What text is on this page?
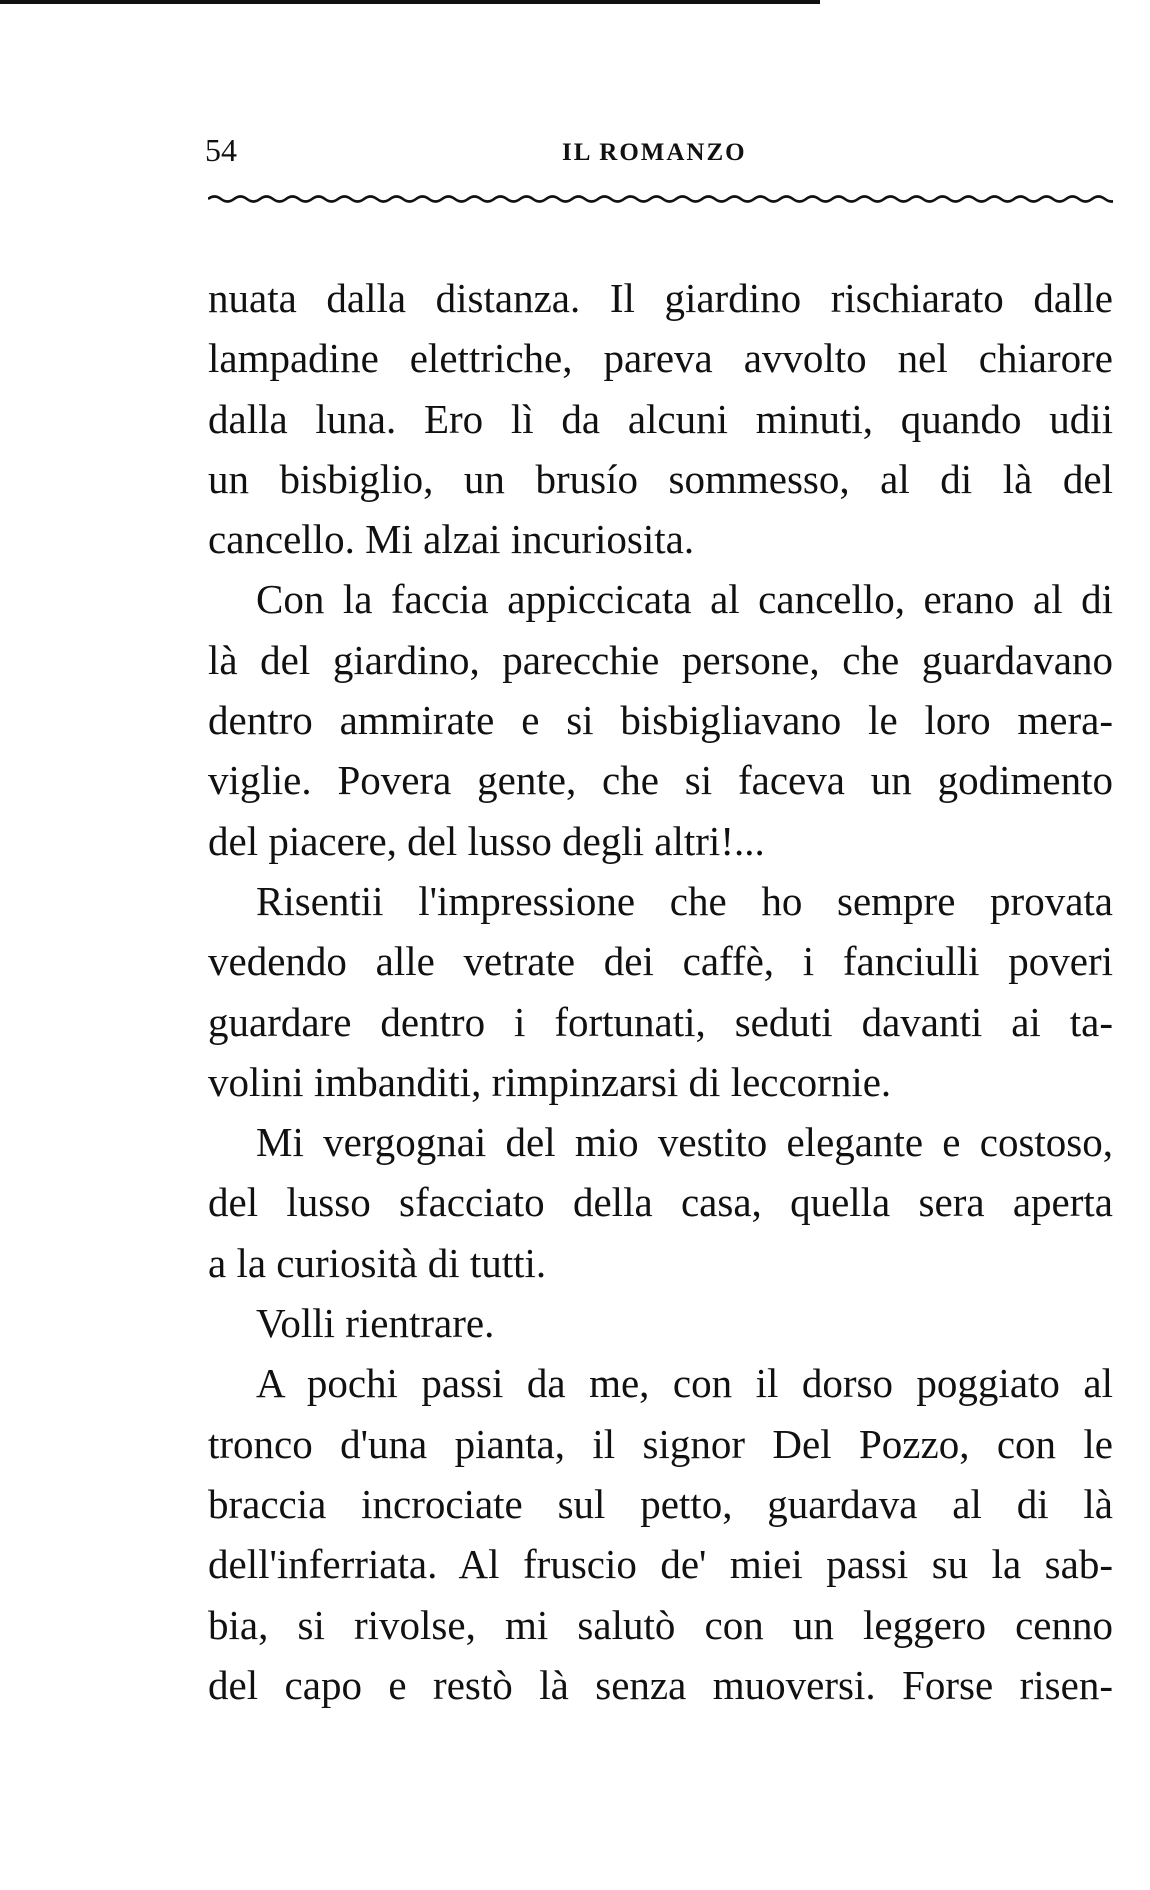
54	IL ROMANZO
nuata dalla distanza. Il giardino rischiarato dalle
lampadine elettriche, pareva avvolto nel chiarore
dalla luna. Ero lì da alcuni minuti, quando udii
un bisbiglio, un brusío sommesso, al di là del
cancello. Mi alzai incuriosita.
Con la faccia appiccicata al cancello, erano al di
là del giardino, parecchie persone, che guardavano
dentro ammirate e si bisbigliavano le loro mera-
viglie. Povera gente, che si faceva un godimento
del piacere, del lusso degli altri!...
Risentii l'impressione che ho sempre provata
vedendo alle vetrate dei caffè, i fanciulli poveri
guardare dentro i fortunati, seduti davanti ai ta-
volini imbanditi, rimpinzarsi di leccornie.
Mi vergognai del mio vestito elegante e costoso,
del lusso sfacciato della casa, quella sera aperta
a la curiosità di tutti.
Volli rientrare.
A pochi passi da me, con il dorso poggiato al
tronco d'una pianta, il signor Del Pozzo, con le
braccia incrociate sul petto, guardava al di là
dell'inferriata. Al fruscio de' miei passi su la sab-
bia, si rivolse, mi salutò con un leggero cenno
del capo e restò là senza muoversi. Forse risen-
